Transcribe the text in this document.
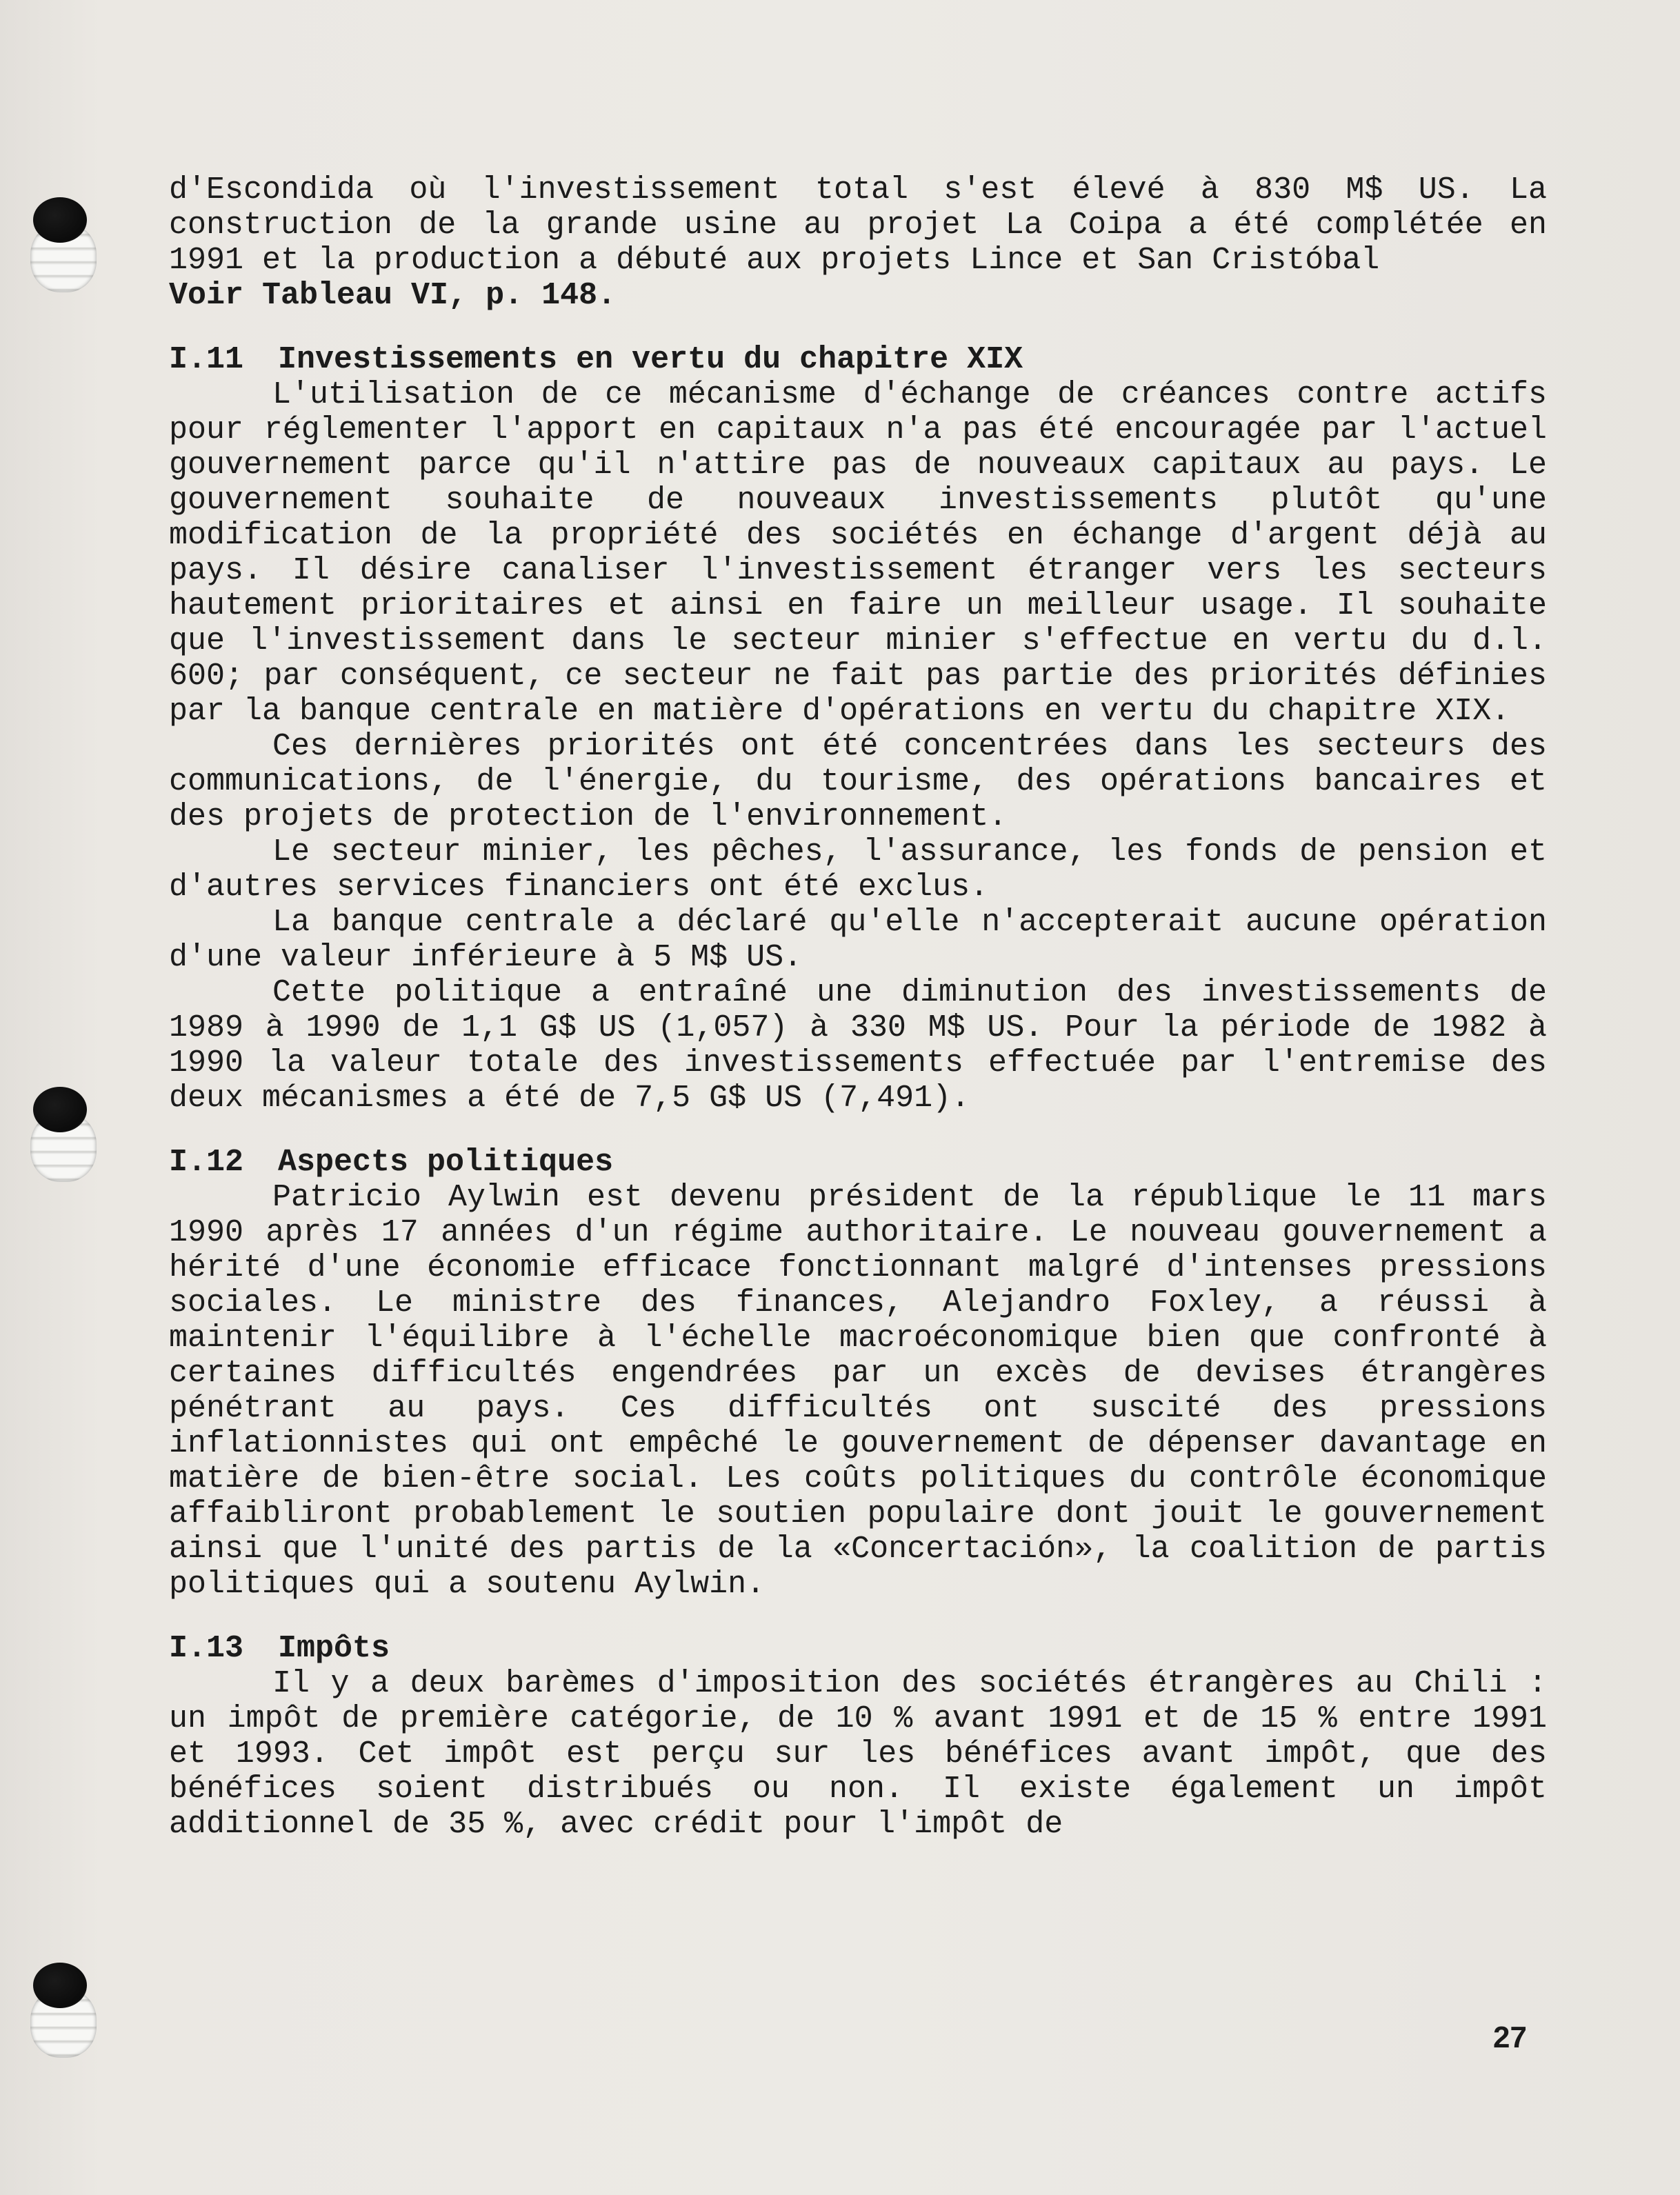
d'Escondida où l'investissement total s'est élevé à 830 M$ US. La construction de la grande usine au projet La Coipa a été complétée en 1991 et la production a débuté aux projets Lince et San Cristóbal

Voir Tableau VI, p. 148.

I.11 Investissements en vertu du chapitre XIX

L'utilisation de ce mécanisme d'échange de créances contre actifs pour réglementer l'apport en capitaux n'a pas été encouragée par l'actuel gouvernement parce qu'il n'attire pas de nouveaux capitaux au pays. Le gouvernement souhaite de nouveaux investissements plutôt qu'une modification de la propriété des sociétés en échange d'argent déjà au pays. Il désire canaliser l'investissement étranger vers les secteurs hautement prioritaires et ainsi en faire un meilleur usage. Il souhaite que l'investissement dans le secteur minier s'effectue en vertu du d.l. 600; par conséquent, ce secteur ne fait pas partie des priorités définies par la banque centrale en matière d'opérations en vertu du chapitre XIX.

Ces dernières priorités ont été concentrées dans les secteurs des communications, de l'énergie, du tourisme, des opérations bancaires et des projets de protection de l'environnement.

Le secteur minier, les pêches, l'assurance, les fonds de pension et d'autres services financiers ont été exclus.

La banque centrale a déclaré qu'elle n'accepterait aucune opération d'une valeur inférieure à 5 M$ US.

Cette politique a entraîné une diminution des investissements de 1989 à 1990 de 1,1 G$ US (1,057) à 330 M$ US. Pour la période de 1982 à 1990 la valeur totale des investissements effectuée par l'entremise des deux mécanismes a été de 7,5 G$ US (7,491).

I.12 Aspects politiques

Patricio Aylwin est devenu président de la république le 11 mars 1990 après 17 années d'un régime authoritaire. Le nouveau gouvernement a hérité d'une économie efficace fonctionnant malgré d'intenses pressions sociales. Le ministre des finances, Alejandro Foxley, a réussi à maintenir l'équilibre à l'échelle macroéconomique bien que confronté à certaines difficultés engendrées par un excès de devises étrangères pénétrant au pays. Ces difficultés ont suscité des pressions inflationnistes qui ont empêché le gouvernement de dépenser davantage en matière de bien-être social. Les coûts politiques du contrôle économique affaibliront probablement le soutien populaire dont jouit le gouvernement ainsi que l'unité des partis de la «Concertación», la coalition de partis politiques qui a soutenu Aylwin.

I.13 Impôts

Il y a deux barèmes d'imposition des sociétés étrangères au Chili : un impôt de première catégorie, de 10 % avant 1991 et de 15 % entre 1991 et 1993. Cet impôt est perçu sur les bénéfices avant impôt, que des bénéfices soient distribués ou non. Il existe également un impôt additionnel de 35 %, avec crédit pour l'impôt de

27
